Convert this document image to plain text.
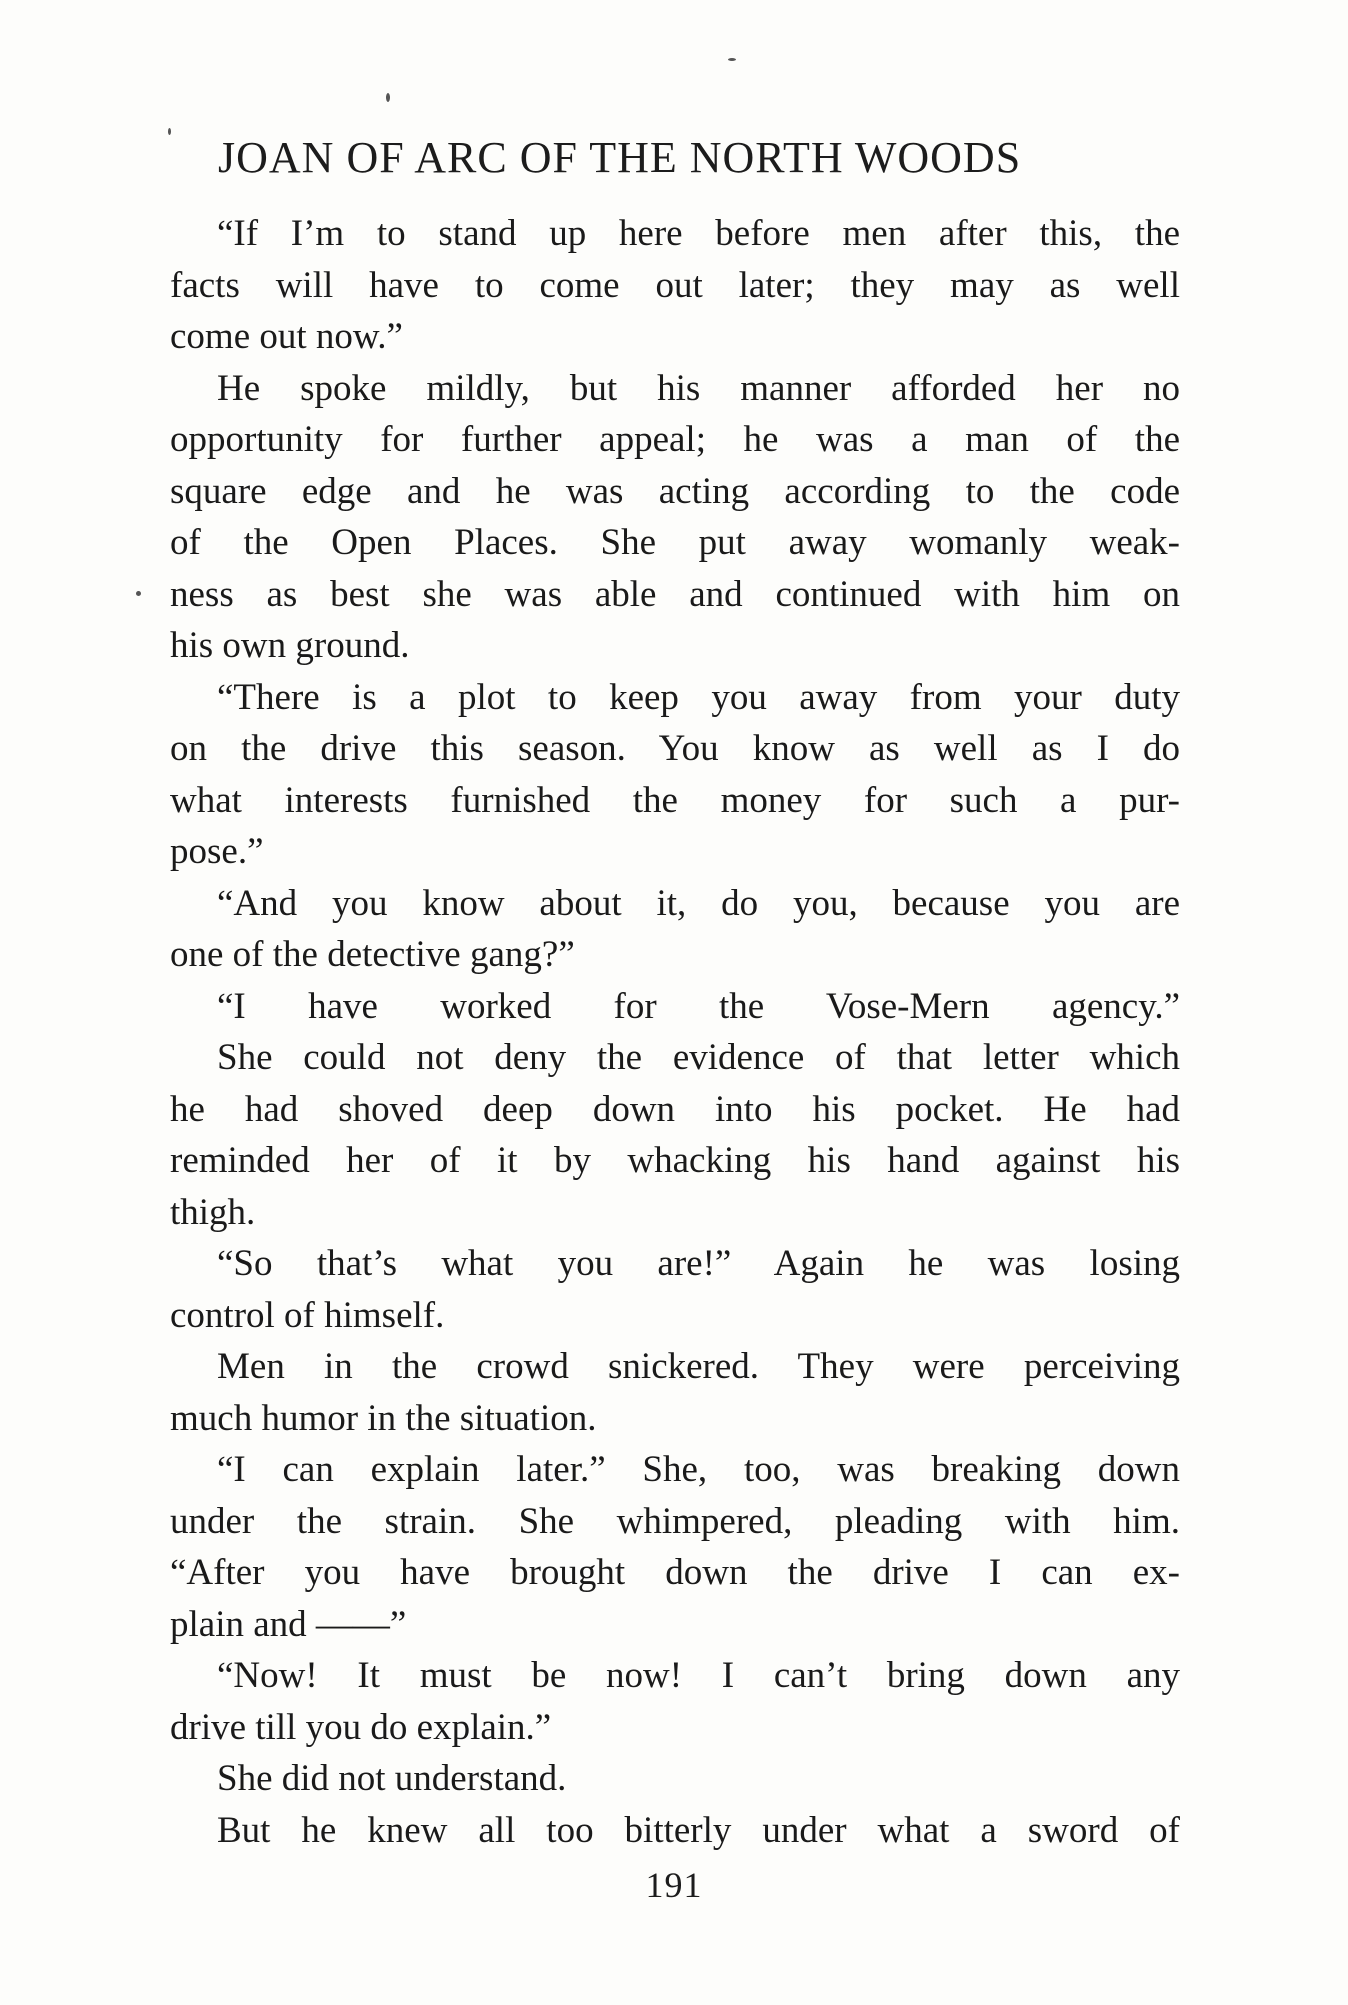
JOAN OF ARC OF THE NORTH WOODS
“If I’m to stand up here before men after this, the
facts will have to come out later; they may as well
come out now.”
He spoke mildly, but his manner afforded her no
opportunity for further appeal; he was a man of the
square edge and he was acting according to the code
of the Open Places. She put away womanly weak-
ness as best she was able and continued with him on
his own ground.
“There is a plot to keep you away from your duty
on the drive this season. You know as well as I do
what interests furnished the money for such a pur-
pose.”
“And you know about it, do you, because you are
one of the detective gang?”
“I have worked for the Vose-Mern agency.”
She could not deny the evidence of that letter which
he had shoved deep down into his pocket. He had
reminded her of it by whacking his hand against his
thigh.
“So that’s what you are!” Again he was losing
control of himself.
Men in the crowd snickered. They were perceiving
much humor in the situation.
“I can explain later.” She, too, was breaking down
under the strain. She whimpered, pleading with him.
“After you have brought down the drive I can ex-
plain and ——”
“Now! It must be now! I can’t bring down any
drive till you do explain.”
She did not understand.
But he knew all too bitterly under what a sword of
191
